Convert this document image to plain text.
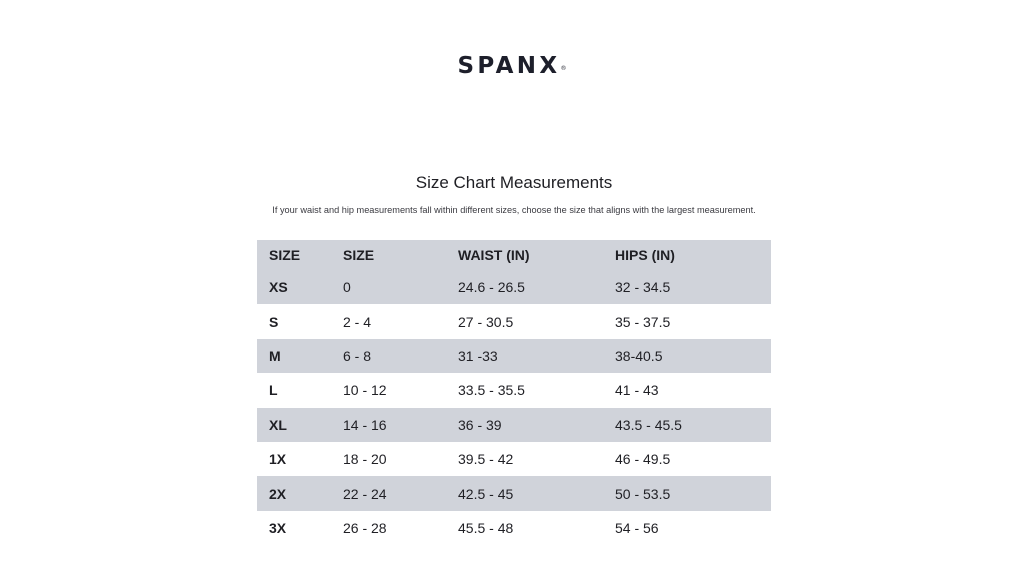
SPANX®
Size Chart Measurements
If your waist and hip measurements fall within different sizes, choose the size that aligns with the largest measurement.
SIZE	SIZE	WAIST (IN)	HIPS (IN)
XS	0	24.6 - 26.5	32 - 34.5
S	2 - 4	27 - 30.5	35 - 37.5
M	6 - 8	31 -33	38-40.5
L	10 - 12	33.5 - 35.5	41 - 43
XL	14 - 16	36 - 39	43.5 - 45.5
1X	18 - 20	39.5 - 42	46 - 49.5
2X	22 - 24	42.5 - 45	50 - 53.5
3X	26 - 28	45.5 - 48	54 - 56
